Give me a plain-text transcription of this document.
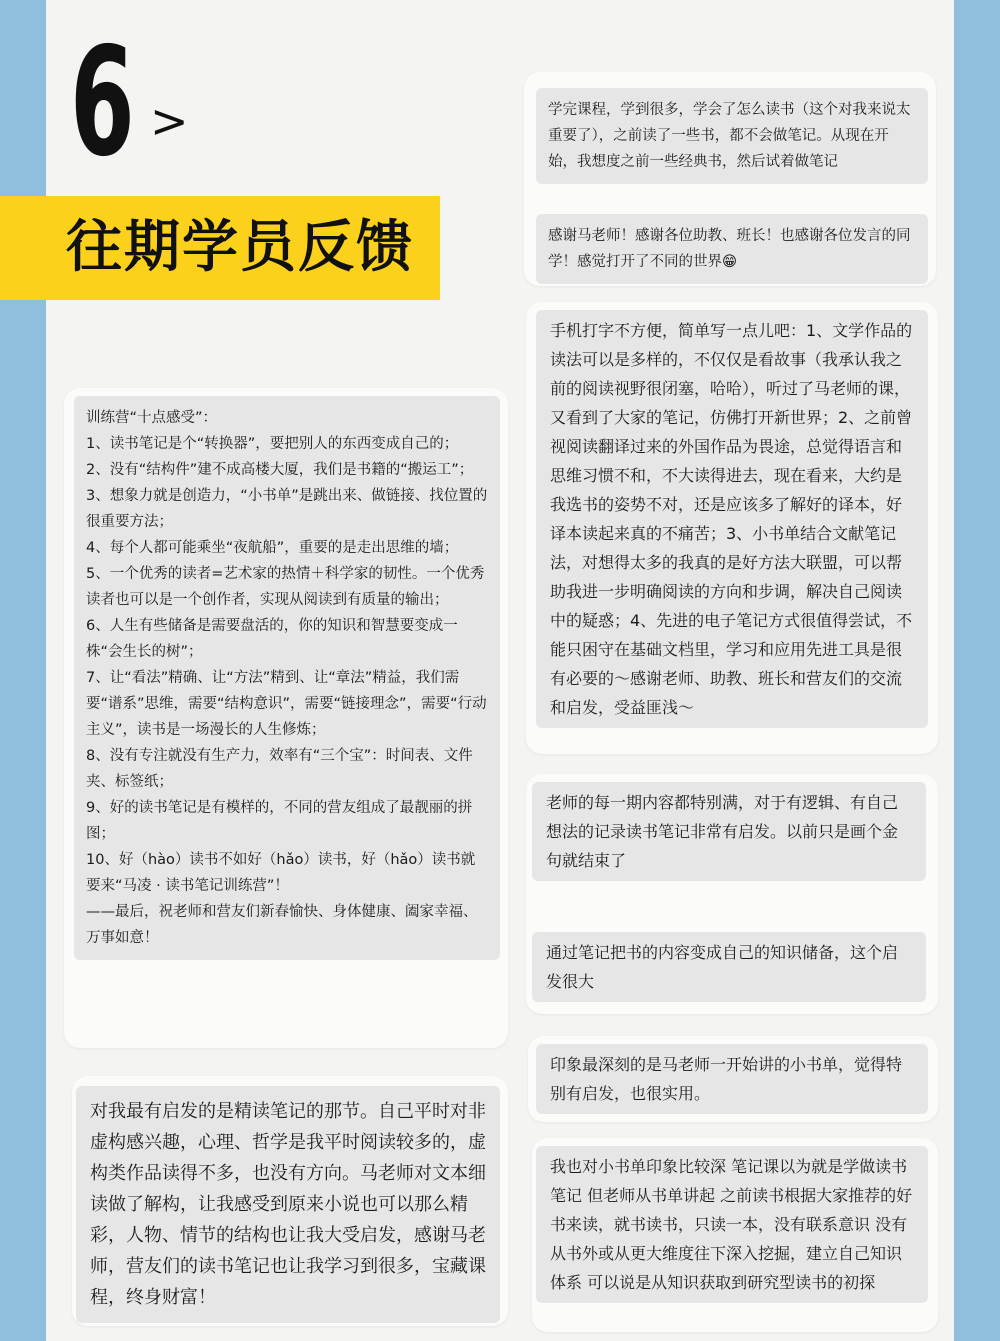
6 >
往期学员反馈

学完课程，学到很多，学会了怎么读书（这个对我来说太重要了），之前读了一些书，都不会做笔记。从现在开始，我想度之前一些经典书，然后试着做笔记

感谢马老师！感谢各位助教、班长！也感谢各位发言的同学！感觉打开了不同的世界😁

手机打字不方便，简单写一点儿吧：1、文学作品的读法可以是多样的，不仅仅是看故事（我承认我之前的阅读视野很闭塞，哈哈），听过了马老师的课，又看到了大家的笔记，仿佛打开新世界；2、之前曾视阅读翻译过来的外国作品为畏途，总觉得语言和思维习惯不和，不大读得进去，现在看来，大约是我选书的姿势不对，还是应该多了解好的译本，好译本读起来真的不痛苦；3、小书单结合文献笔记法，对想得太多的我真的是好方法大联盟，可以帮助我进一步明确阅读的方向和步调，解决自己阅读中的疑惑；4、先进的电子笔记方式很值得尝试，不能只困守在基础文档里，学习和应用先进工具是很有必要的～感谢老师、助教、班长和营友们的交流和启发，受益匪浅～

训练营“十点感受”：
1、读书笔记是个“转换器”，要把别人的东西变成自己的；
2、没有“结构件”建不成高楼大厦，我们是书籍的“搬运工”；
3、想象力就是创造力，“小书单”是跳出来、做链接、找位置的很重要方法；
4、每个人都可能乘坐“夜航船”，重要的是走出思维的墙；
5、一个优秀的读者=艺术家的热情＋科学家的韧性。一个优秀读者也可以是一个创作者，实现从阅读到有质量的输出；
6、人生有些储备是需要盘活的，你的知识和智慧要变成一株“会生长的树”；
7、让“看法”精确、让“方法”精到、让“章法”精益，我们需要“谱系”思维，需要“结构意识”，需要“链接理念”，需要“行动主义”，读书是一场漫长的人生修炼；
8、没有专注就没有生产力，效率有“三个宝”：时间表、文件夹、标签纸；
9、好的读书笔记是有模样的，不同的营友组成了最靓丽的拼图；
10、好（hào）读书不如好（hǎo）读书，好（hǎo）读书就要来“马凌 · 读书笔记训练营”！
——最后，祝老师和营友们新春愉快、身体健康、阖家幸福、万事如意！

老师的每一期内容都特别满，对于有逻辑、有自己想法的记录读书笔记非常有启发。以前只是画个金句就结束了

通过笔记把书的内容变成自己的知识储备，这个启发很大

印象最深刻的是马老师一开始讲的小书单，觉得特别有启发，也很实用。

对我最有启发的是精读笔记的那节。自己平时对非虚构感兴趣，心理、哲学是我平时阅读较多的，虚构类作品读得不多，也没有方向。马老师对文本细读做了解构，让我感受到原来小说也可以那么精彩，人物、情节的结构也让我大受启发，感谢马老师，营友们的读书笔记也让我学习到很多，宝藏课程，终身财富！

我也对小书单印象比较深 笔记课以为就是学做读书笔记 但老师从书单讲起 之前读书根据大家推荐的好书来读，就书读书，只读一本，没有联系意识 没有从书外或从更大维度往下深入挖掘，建立自己知识体系 可以说是从知识获取到研究型读书的初探
